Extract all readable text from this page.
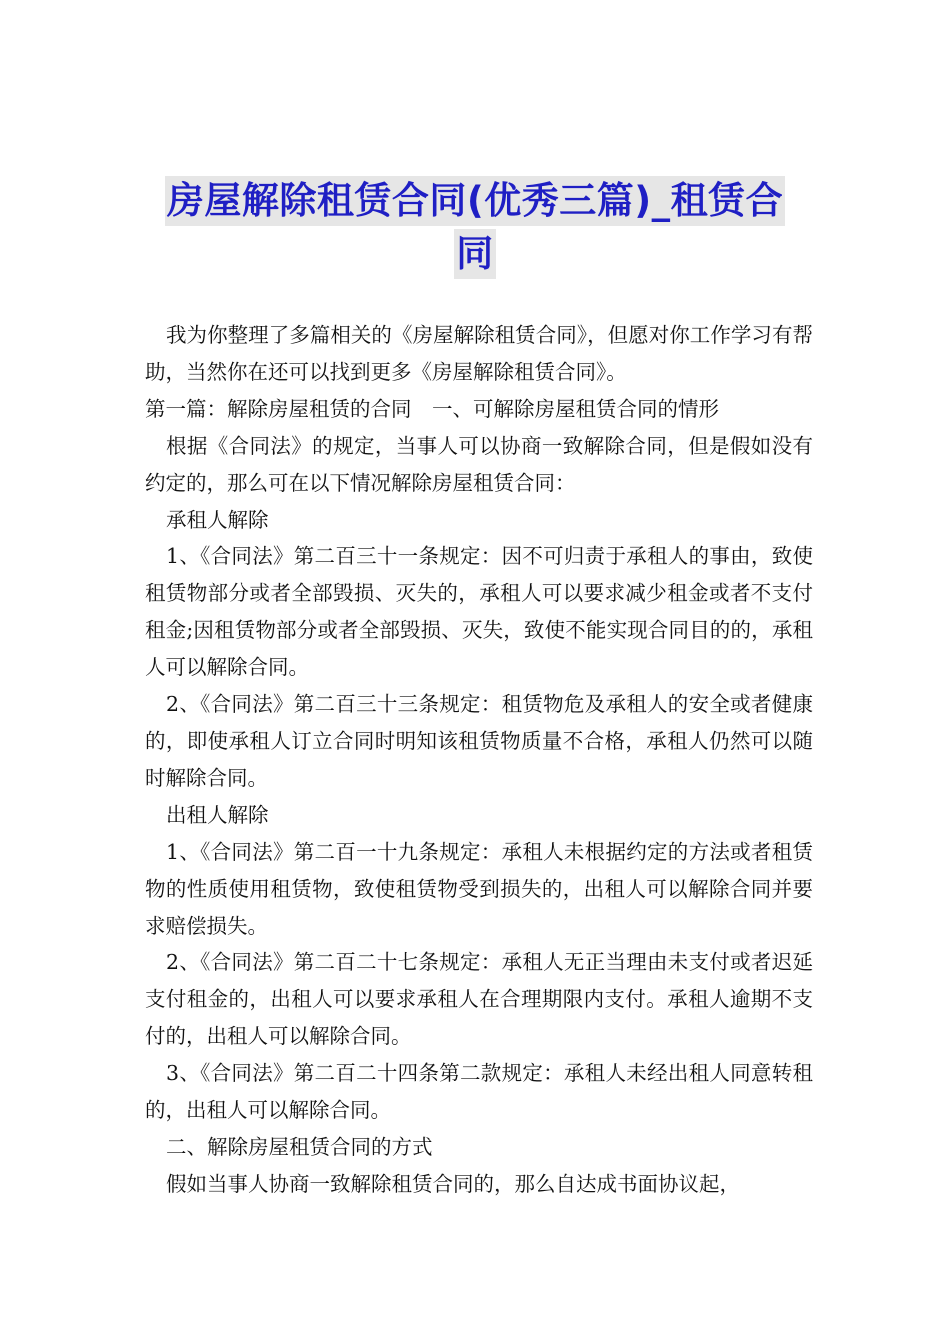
房屋解除租赁合同(优秀三篇)_租赁合
同

我为你整理了多篇相关的《房屋解除租赁合同》，但愿对你工作学习有帮助，当然你在还可以找到更多《房屋解除租赁合同》。

第一篇：解除房屋租赁的合同　一、可解除房屋租赁合同的情形

根据《合同法》的规定，当事人可以协商一致解除合同，但是假如没有约定的，那么可在以下情况解除房屋租赁合同：

承租人解除

1、《合同法》第二百三十一条规定：因不可归责于承租人的事由，致使租赁物部分或者全部毁损、灭失的，承租人可以要求减少租金或者不支付租金;因租赁物部分或者全部毁损、灭失，致使不能实现合同目的的，承租人可以解除合同。

2、《合同法》第二百三十三条规定：租赁物危及承租人的安全或者健康的，即使承租人订立合同时明知该租赁物质量不合格，承租人仍然可以随时解除合同。

出租人解除

1、《合同法》第二百一十九条规定：承租人未根据约定的方法或者租赁物的性质使用租赁物，致使租赁物受到损失的，出租人可以解除合同并要求赔偿损失。

2、《合同法》第二百二十七条规定：承租人无正当理由未支付或者迟延支付租金的，出租人可以要求承租人在合理期限内支付。承租人逾期不支付的，出租人可以解除合同。

3、《合同法》第二百二十四条第二款规定：承租人未经出租人同意转租的，出租人可以解除合同。

二、解除房屋租赁合同的方式

假如当事人协商一致解除租赁合同的，那么自达成书面协议起，
